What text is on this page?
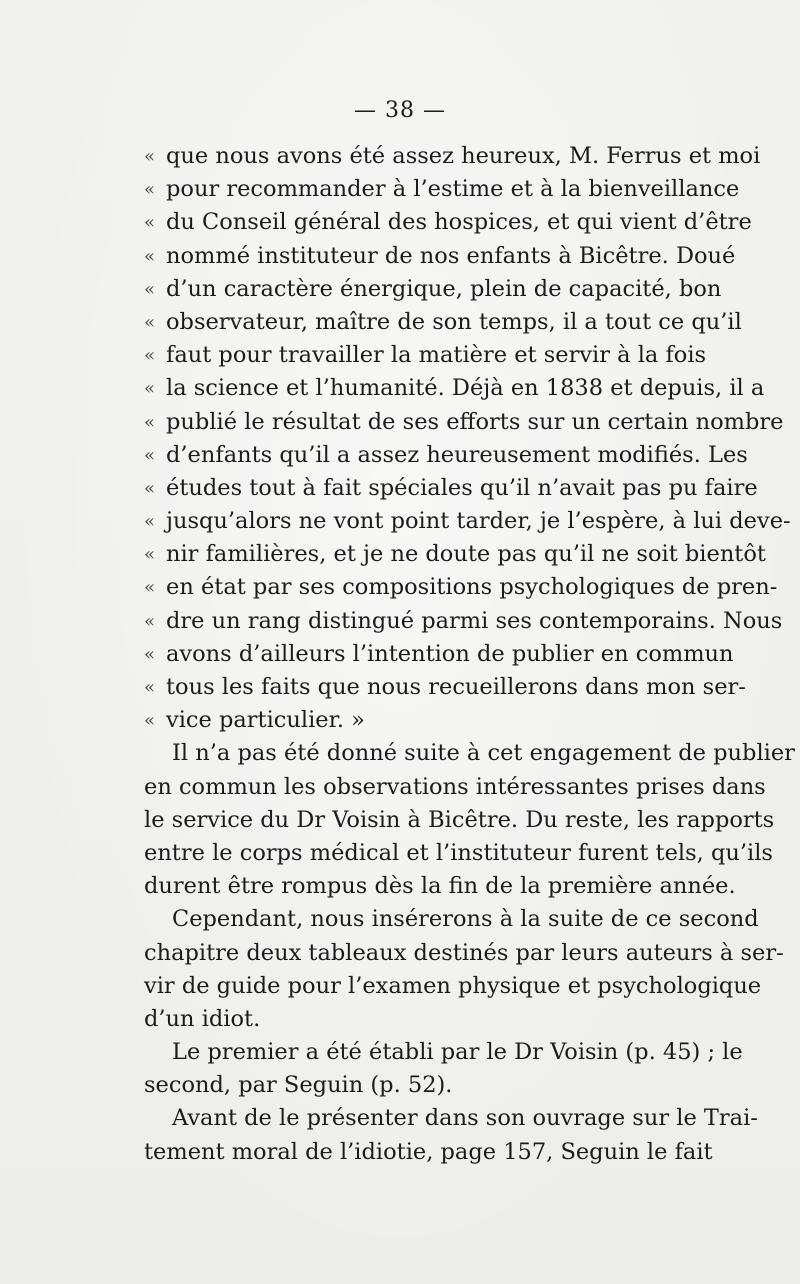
— 38 —
« que nous avons été assez heureux, M. Ferrus et moi
« pour recommander à l’estime et à la bienveillance
« du Conseil général des hospices, et qui vient d’être
« nommé instituteur de nos enfants à Bicêtre. Doué
« d’un caractère énergique, plein de capacité, bon
« observateur, maître de son temps, il a tout ce qu’il
« faut pour travailler la matière et servir à la fois
« la science et l’humanité. Déjà en 1838 et depuis, il a
« publié le résultat de ses efforts sur un certain nombre
« d’enfants qu’il a assez heureusement modifiés. Les
« études tout à fait spéciales qu’il n’avait pas pu faire
« jusqu’alors ne vont point tarder, je l’espère, à lui deve-
« nir familières, et je ne doute pas qu’il ne soit bientôt
« en état par ses compositions psychologiques de pren-
« dre un rang distingué parmi ses contemporains. Nous
« avons d’ailleurs l’intention de publier en commun
« tous les faits que nous recueillerons dans mon ser-
« vice particulier. »
Il n’a pas été donné suite à cet engagement de publier
en commun les observations intéressantes prises dans
le service du Dr Voisin à Bicêtre. Du reste, les rapports
entre le corps médical et l’instituteur furent tels, qu’ils
durent être rompus dès la fin de la première année.
Cependant, nous insérerons à la suite de ce second
chapitre deux tableaux destinés par leurs auteurs à ser-
vir de guide pour l’examen physique et psychologique
d’un idiot.
Le premier a été établi par le Dr Voisin (p. 45) ; le
second, par Seguin (p. 52).
Avant de le présenter dans son ouvrage sur le Trai-
tement moral de l’idiotie, page 157, Seguin le fait
